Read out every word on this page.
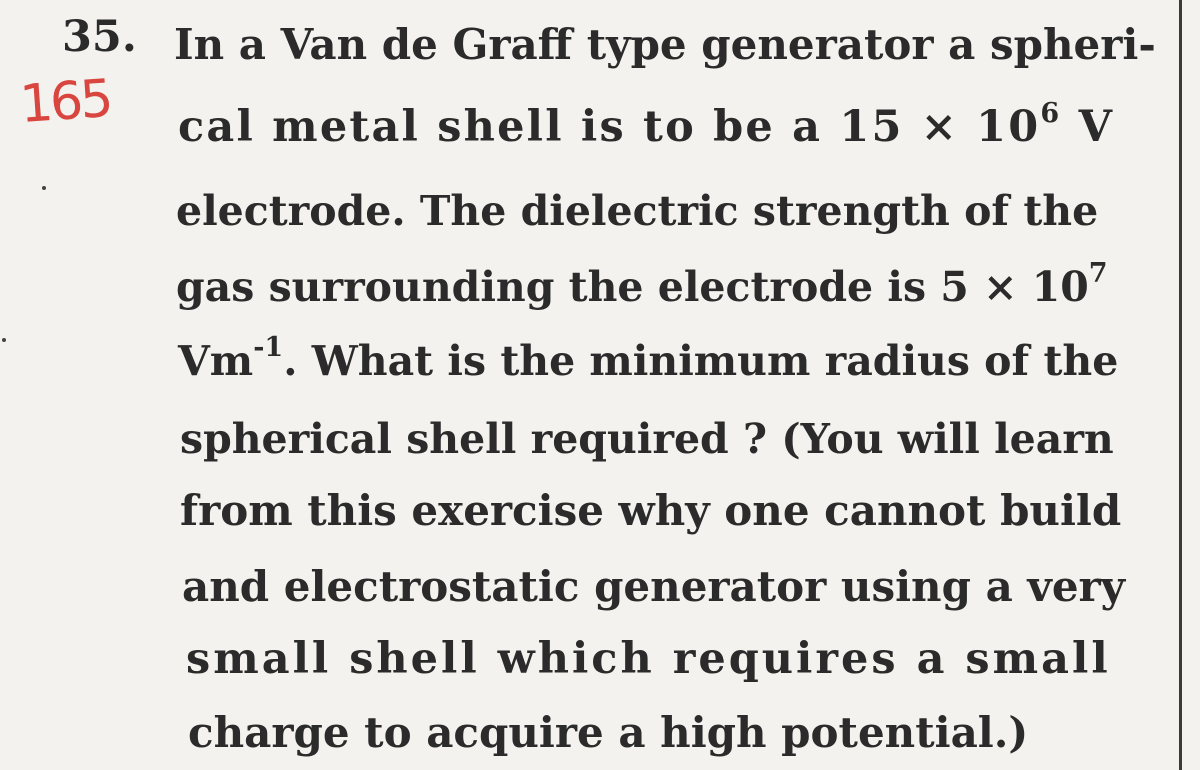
35.
165
In a Van de Graff type generator a spheri-
cal metal shell is to be a $15 \times 10^6$ V
electrode. The dielectric strength of the
gas surrounding the electrode is $5 \times 10^7$
$Vm^{-1}$. What is the minimum radius of the
spherical shell required ? (You will learn
from this exercise why one cannot build
and electrostatic generator using a very
small shell which requires a small
charge to acquire a high potential.)
